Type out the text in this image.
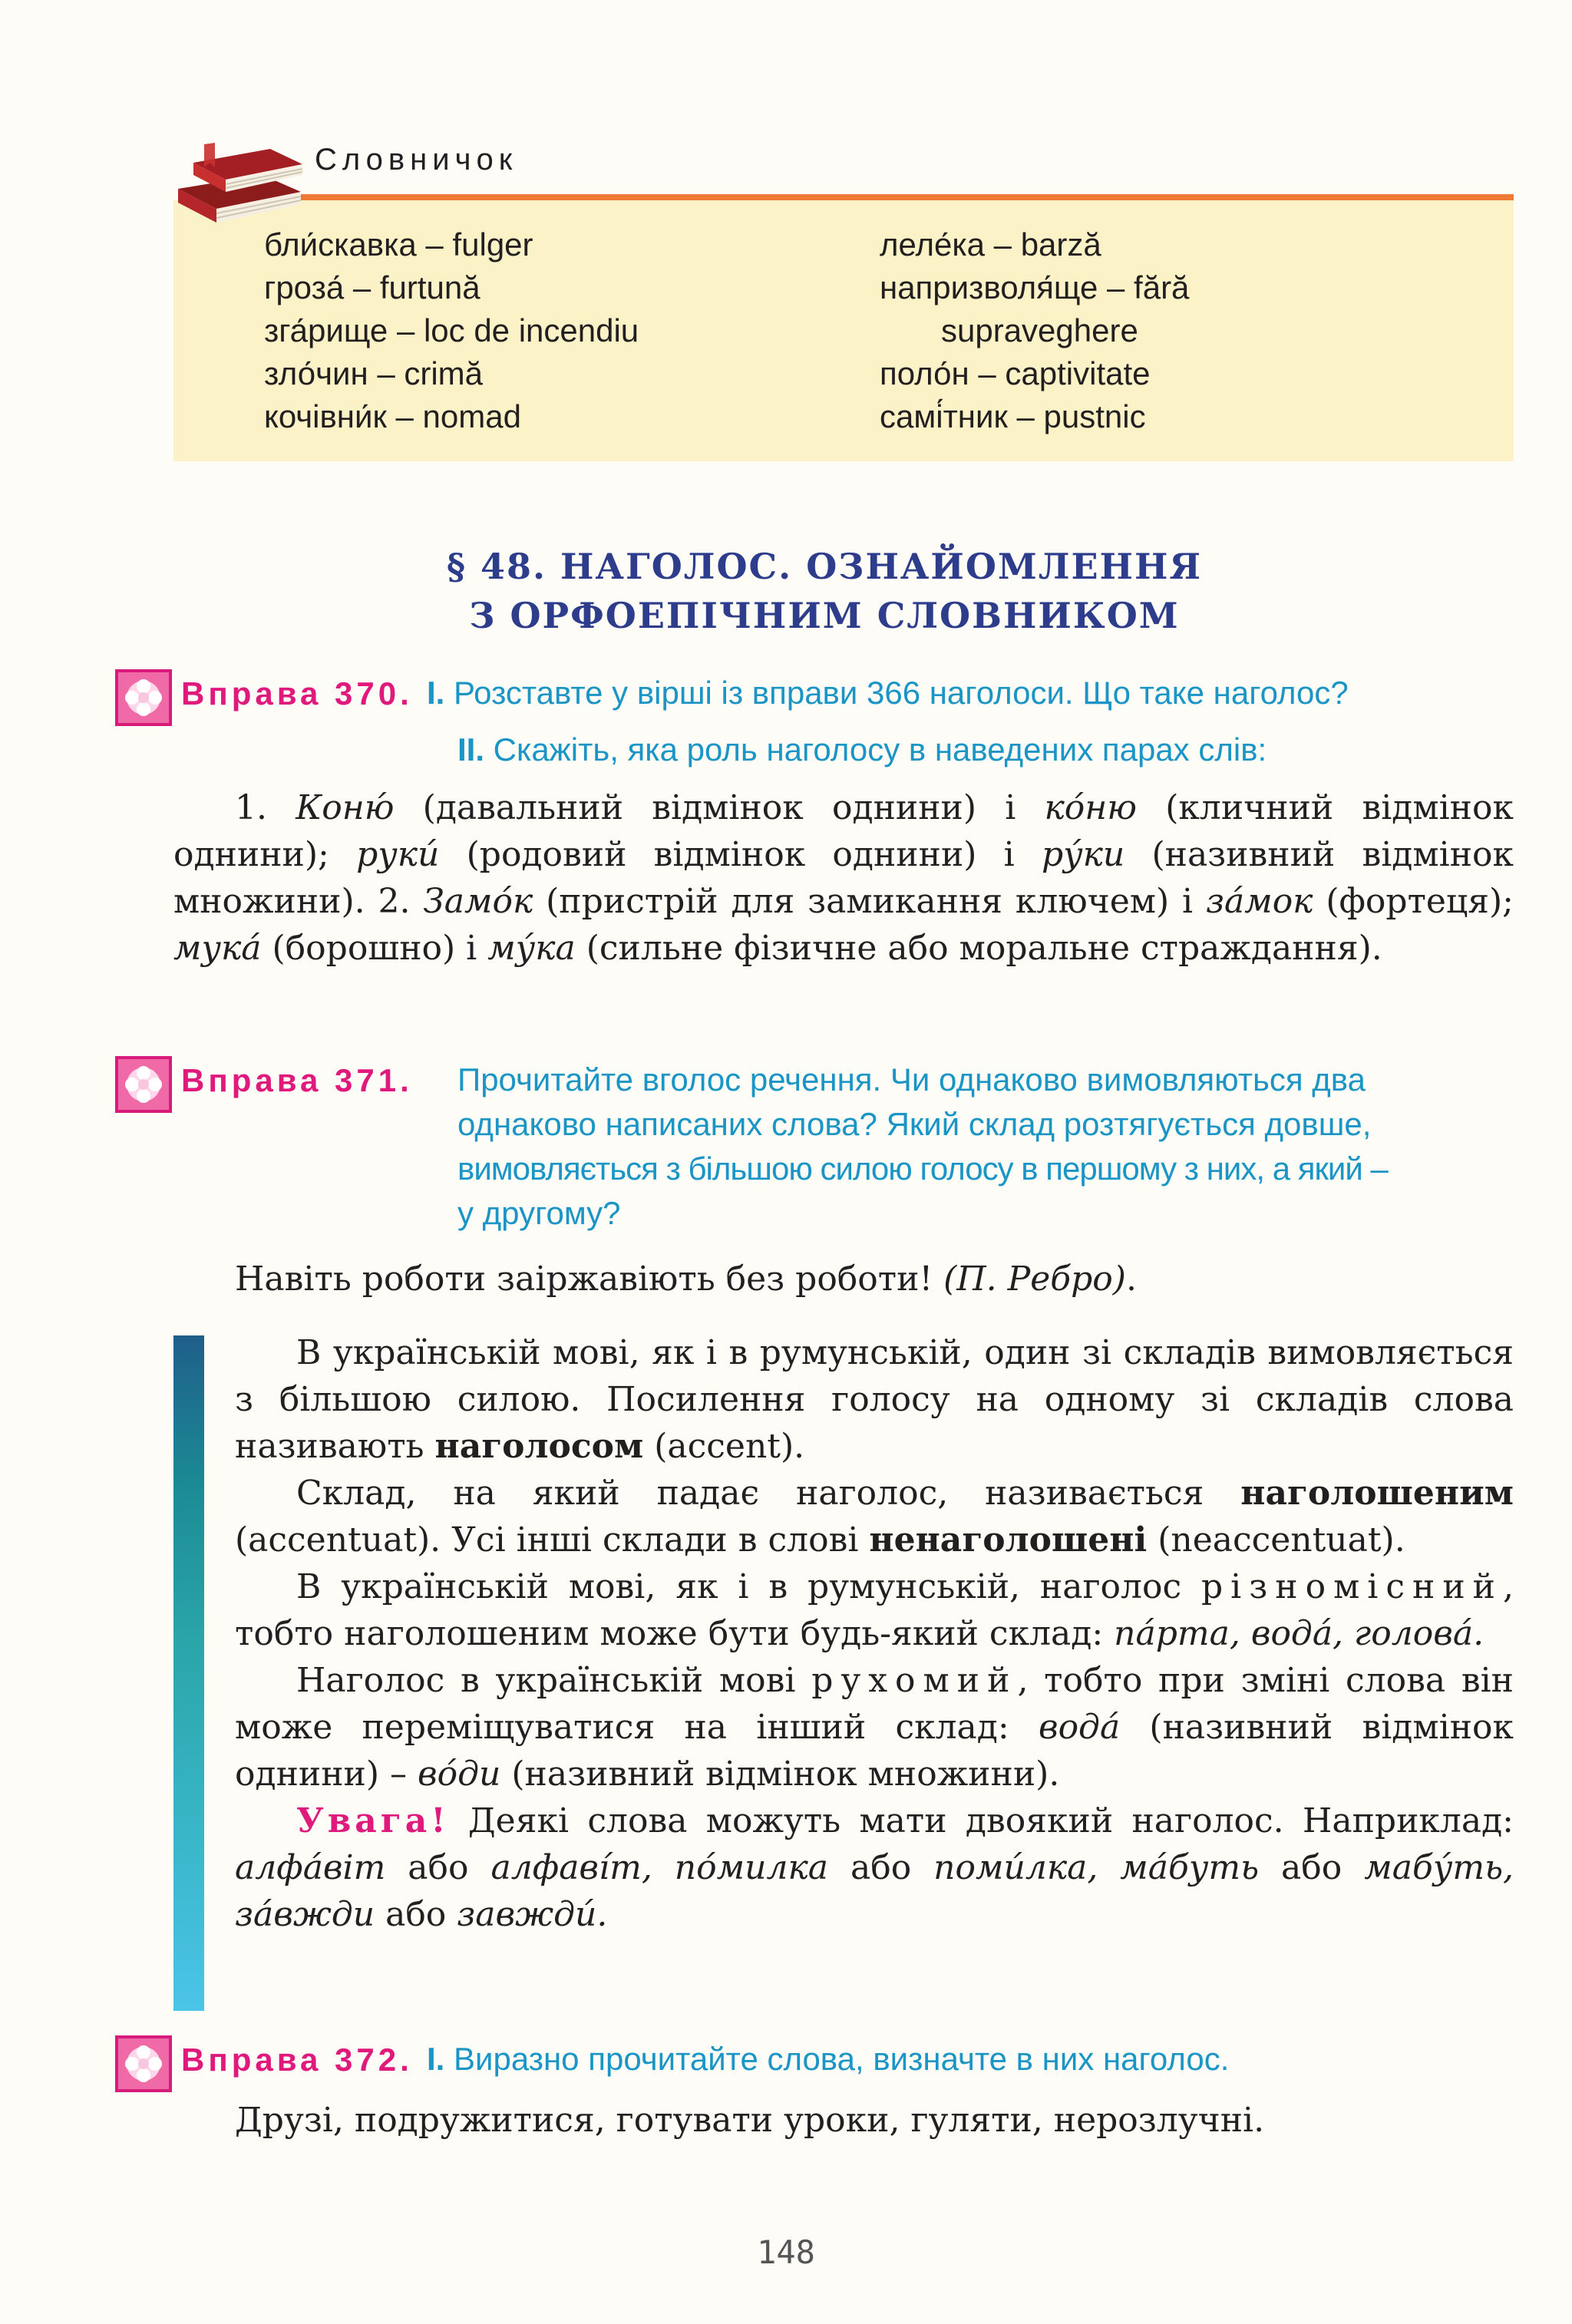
бли́скавка – fulger
гроза́ – furtună
зга́рище – loc de incendiu
зло́чин – crimă
кочівни́к – nomad
леле́ка – barză
напризволя́ще – fără
supraveghere
поло́н – captivitate
самі́тник – pustnic
Словничок
§ 48. НАГОЛОС. ОЗНАЙОМЛЕННЯ
З ОРФОЕПІЧНИМ СЛОВНИКОМ
Вправа 370. І. Розставте у вірші із вправи 366 наголоси. Що таке наголос?
ІІ. Скажіть, яка роль наголосу в наведених парах слів:

1. Коню́ (давальний відмінок однини) і ко́ню (кличний відмінок однини); руки́ (родовий відмінок однини) і ру́ки (називний відмінок множини). 2. Замо́к (пристрій для замикання ключем) і за́мок (фортеця); мука́ (борошно) і му́ка (сильне фізичне або моральне страждання).

Вправа 371. Прочитайте вголос речення. Чи однаково вимовляються два
однаково написаних слова? Який склад розтягується довше,
вимовляється з більшою силою голосу в першому з них, а який –
у другому?
Навіть роботи заіржавіють без роботи! (П. Ребро).

В українській мові, як і в румунській, один зі складів вимовляється з більшою силою. Посилення голосу на одному зі складів слова називають наголосом (accent).

Склад, на який падає наголос, називається наголошеним (accentuat). Усі інші склади в слові ненаголошені (neaccentuat).

В українській мові, як і в румунській, наголос різномісний, тобто наголошеним може бути будь-який склад: па́рта, вода́, голова́.

Наголос в українській мові рухомий, тобто при зміні слова він може переміщуватися на інший склад: вода́ (називний відмінок однини) – во́ди (називний відмінок множини).

Увага! Деякі слова можуть мати двоякий наголос. Наприклад: алфа́віт або алфаві́т, по́милка або поми́лка, ма́буть або мабу́ть, за́вжди або завжди́.

Вправа 372. І. Виразно прочитайте слова, визначте в них наголос.
Друзі, подружитися, готувати уроки, гуляти, нерозлучні.
148
